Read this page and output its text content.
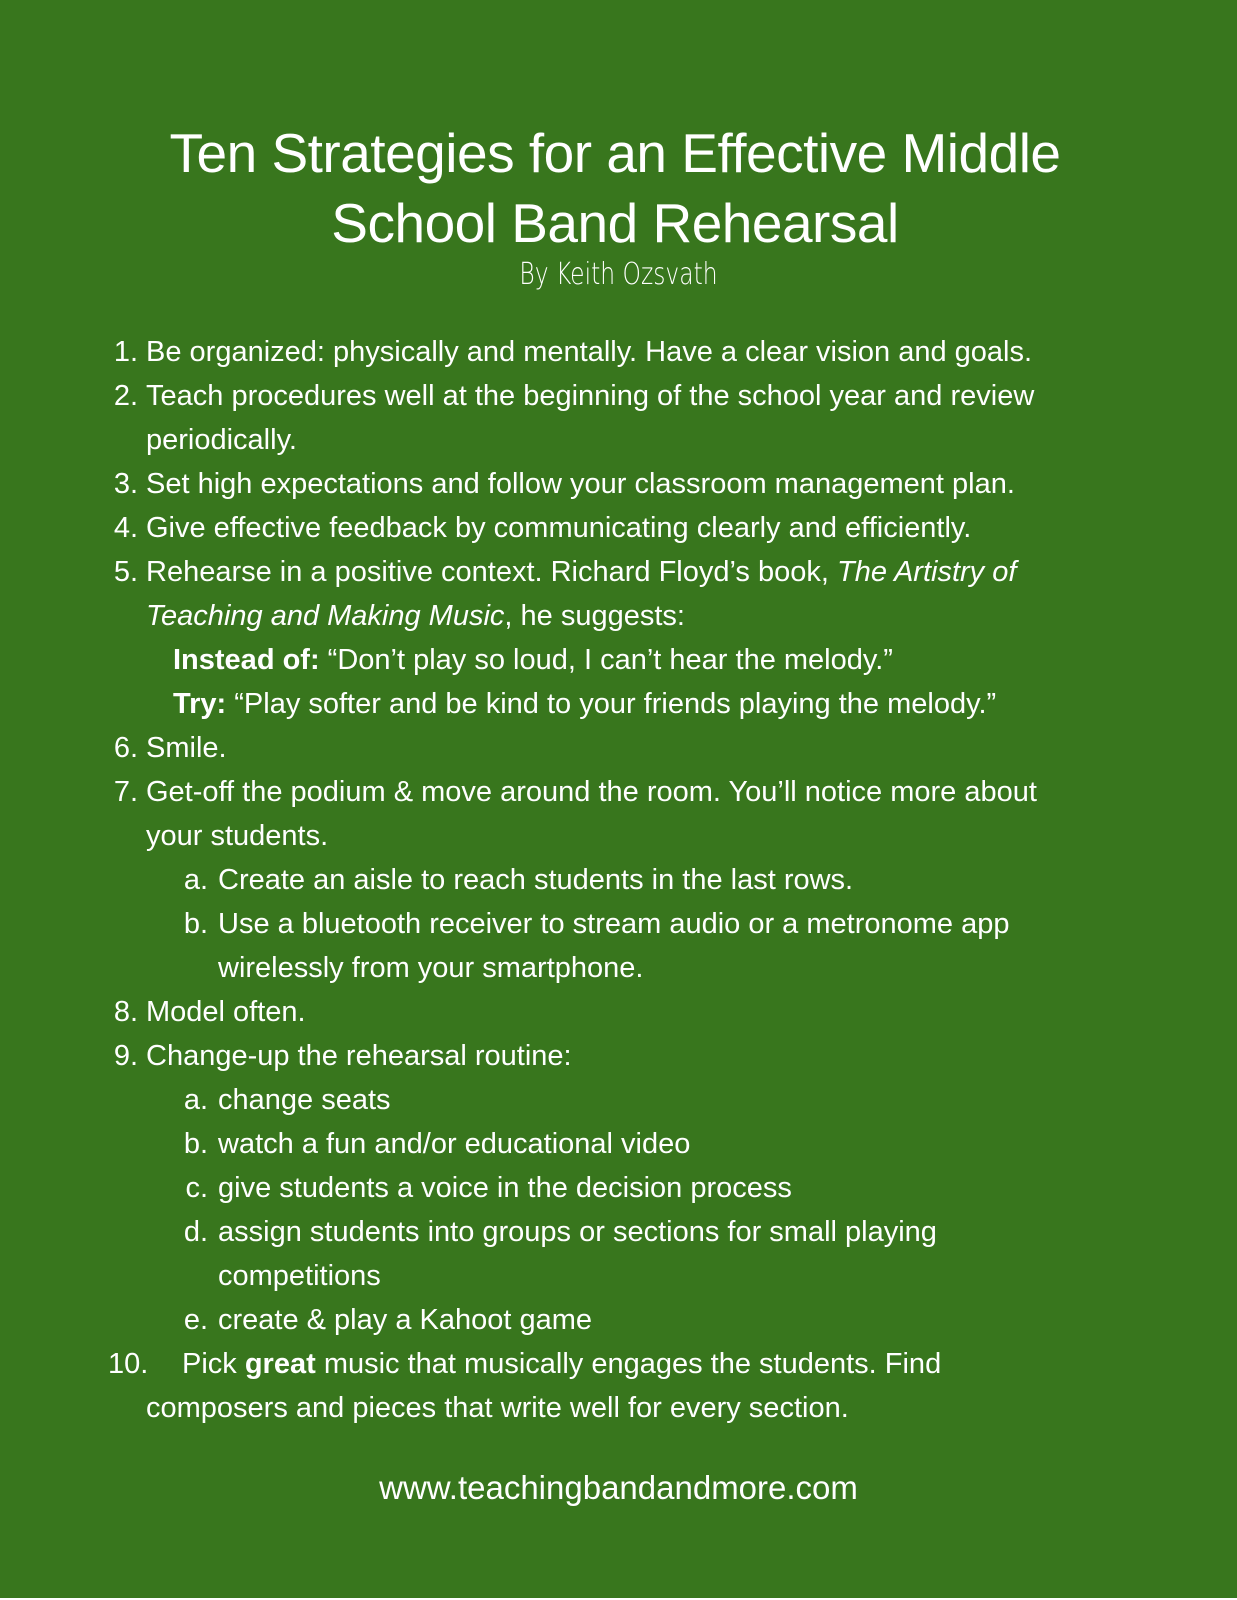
Ten Strategies for an Effective Middle
School Band Rehearsal
By Keith Ozsvath
1. Be organized: physically and mentally. Have a clear vision and goals.
2. Teach procedures well at the beginning of the school year and review
periodically.
3. Set high expectations and follow your classroom management plan.
4. Give effective feedback by communicating clearly and efficiently.
5. Rehearse in a positive context. Richard Floyd’s book, The Artistry of
Teaching and Making Music, he suggests:
Instead of: “Don’t play so loud, I can’t hear the melody.”
Try: “Play softer and be kind to your friends playing the melody.”
6. Smile.
7. Get-off the podium & move around the room. You’ll notice more about
your students.
a. Create an aisle to reach students in the last rows.
b. Use a bluetooth receiver to stream audio or a metronome app
wirelessly from your smartphone.
8. Model often.
9. Change-up the rehearsal routine:
a. change seats
b. watch a fun and/or educational video
c. give students a voice in the decision process
d. assign students into groups or sections for small playing
competitions
e. create & play a Kahoot game
10. Pick great music that musically engages the students. Find
composers and pieces that write well for every section.
www.teachingbandandmore.com
